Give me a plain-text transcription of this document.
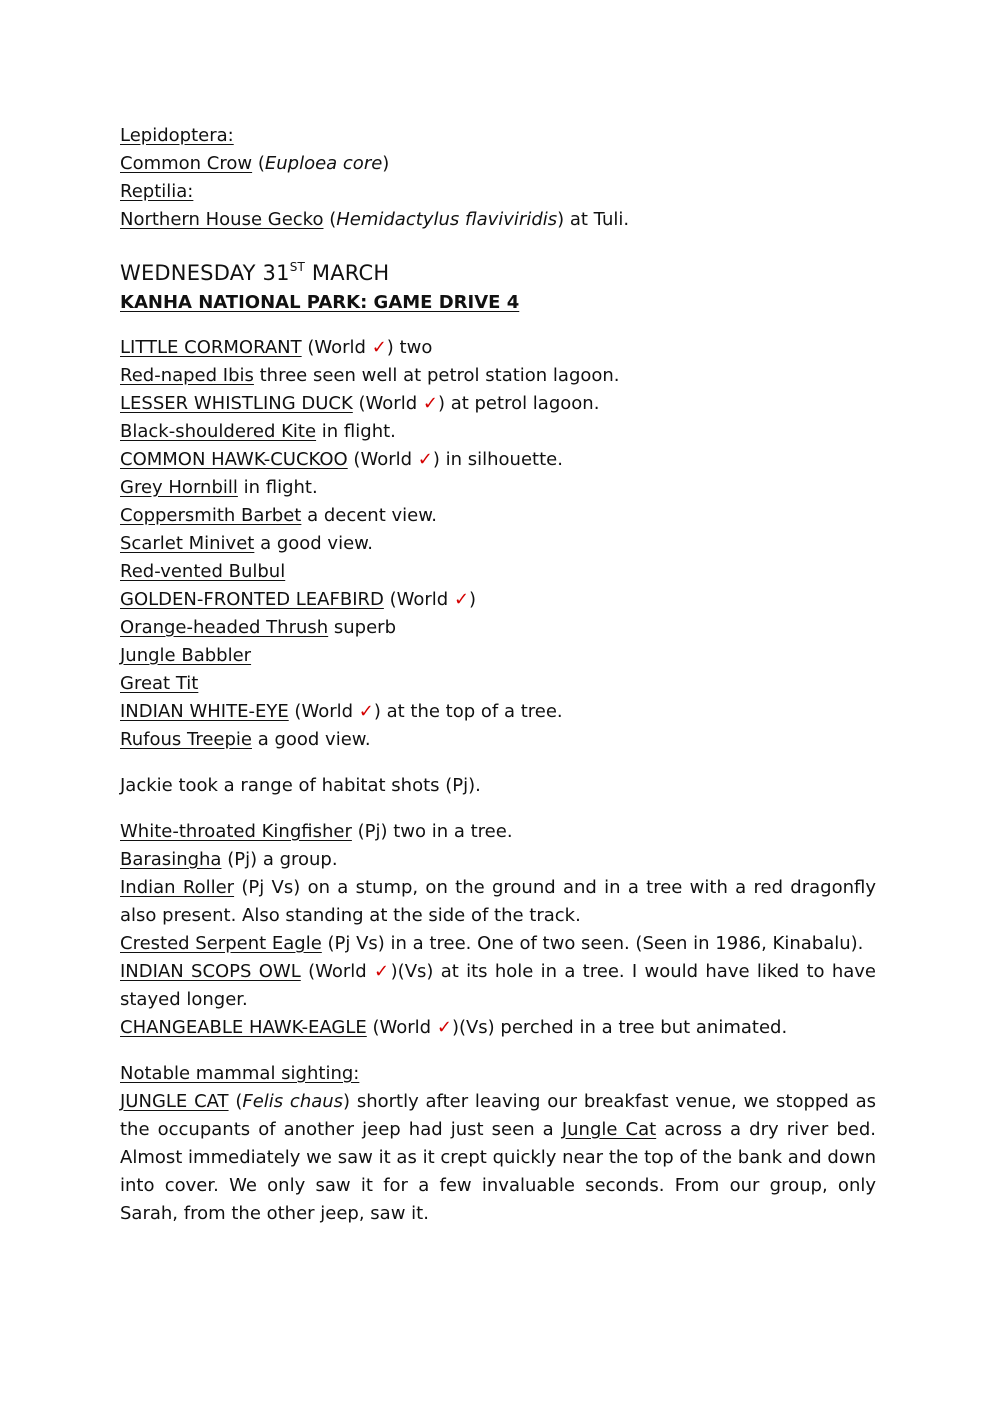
Lepidoptera:
Common Crow (Euploea core)
Reptilia:
Northern House Gecko (Hemidactylus flaviviridis) at Tuli.
WEDNESDAY 31ST MARCH
KANHA NATIONAL PARK: GAME DRIVE 4
LITTLE CORMORANT (World ✓) two
Red-naped Ibis three seen well at petrol station lagoon.
LESSER WHISTLING DUCK (World ✓) at petrol lagoon.
Black-shouldered Kite in flight.
COMMON HAWK-CUCKOO (World ✓) in silhouette.
Grey Hornbill in flight.
Coppersmith Barbet a decent view.
Scarlet Minivet a good view.
Red-vented Bulbul
GOLDEN-FRONTED LEAFBIRD (World ✓)
Orange-headed Thrush superb
Jungle Babbler
Great Tit
INDIAN WHITE-EYE (World ✓) at the top of a tree.
Rufous Treepie a good view.
Jackie took a range of habitat shots (Pj).
White-throated Kingfisher (Pj) two in a tree.
Barasingha (Pj) a group.
Indian Roller (Pj Vs) on a stump, on the ground and in a tree with a red dragonfly also present. Also standing at the side of the track.
Crested Serpent Eagle (Pj Vs) in a tree. One of two seen. (Seen in 1986, Kinabalu).
INDIAN SCOPS OWL (World ✓)(Vs) at its hole in a tree. I would have liked to have stayed longer.
CHANGEABLE HAWK-EAGLE (World ✓)(Vs) perched in a tree but animated.
Notable mammal sighting:
JUNGLE CAT (Felis chaus) shortly after leaving our breakfast venue, we stopped as the occupants of another jeep had just seen a Jungle Cat across a dry river bed. Almost immediately we saw it as it crept quickly near the top of the bank and down into cover. We only saw it for a few invaluable seconds. From our group, only Sarah, from the other jeep, saw it.
